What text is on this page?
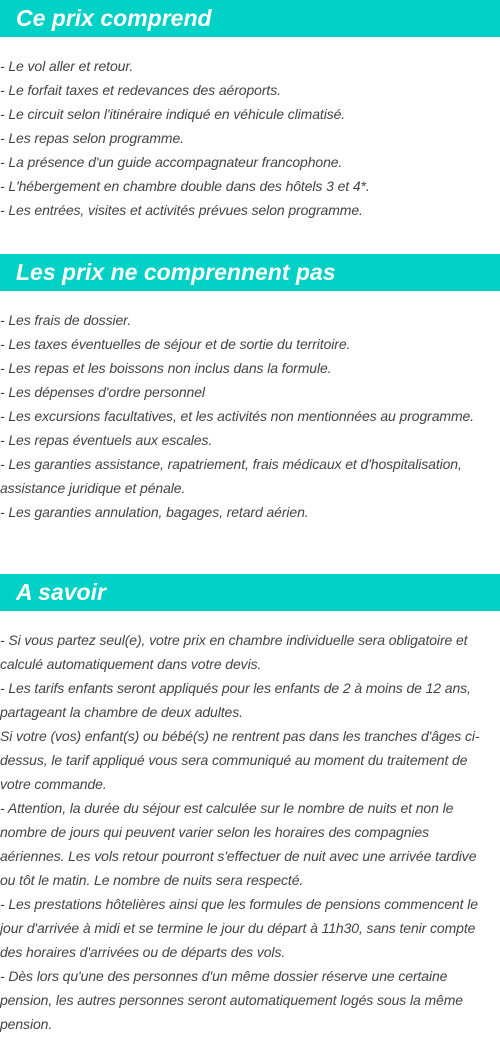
Ce prix comprend

- Le vol aller et retour.

- Le forfait taxes et redevances des aéroports.

- Le circuit selon l'itinéraire indiqué en véhicule climatisé.

- Les repas selon programme.

- La présence d'un guide accompagnateur francophone.

- L'hébergement en chambre double dans des hôtels 3 et 4*.

- Les entrées, visites et activités prévues selon programme.

Les prix ne comprennent pas

- Les frais de dossier.

- Les taxes éventuelles de séjour et de sortie du territoire.

- Les repas et les boissons non inclus dans la formule.

- Les dépenses d'ordre personnel

- Les excursions facultatives, et les activités non mentionnées au programme.

- Les repas éventuels aux escales.

- Les garanties assistance, rapatriement, frais médicaux et d'hospitalisation,

assistance juridique et pénale.

- Les garanties annulation, bagages, retard aérien.

A savoir

- Si vous partez seul(e), votre prix en chambre individuelle sera obligatoire et

calculé automatiquement dans votre devis.

- Les tarifs enfants seront appliqués pour les enfants de 2 à moins de 12 ans,

partageant la chambre de deux adultes.

Si votre (vos) enfant(s) ou bébé(s) ne rentrent pas dans les tranches d'âges ci-

dessus, le tarif appliqué vous sera communiqué au moment du traitement de

votre commande.

- Attention, la durée du séjour est calculée sur le nombre de nuits et non le

nombre de jours qui peuvent varier selon les horaires des compagnies

aériennes. Les vols retour pourront s'effectuer de nuit avec une arrivée tardive

ou tôt le matin. Le nombre de nuits sera respecté.

- Les prestations hôtelières ainsi que les formules de pensions commencent le

jour d'arrivée à midi et se termine le jour du départ à 11h30, sans tenir compte

des horaires d'arrivées ou de départs des vols.

- Dès lors qu'une des personnes d'un même dossier réserve une certaine

pension, les autres personnes seront automatiquement logés sous la même

pension.
